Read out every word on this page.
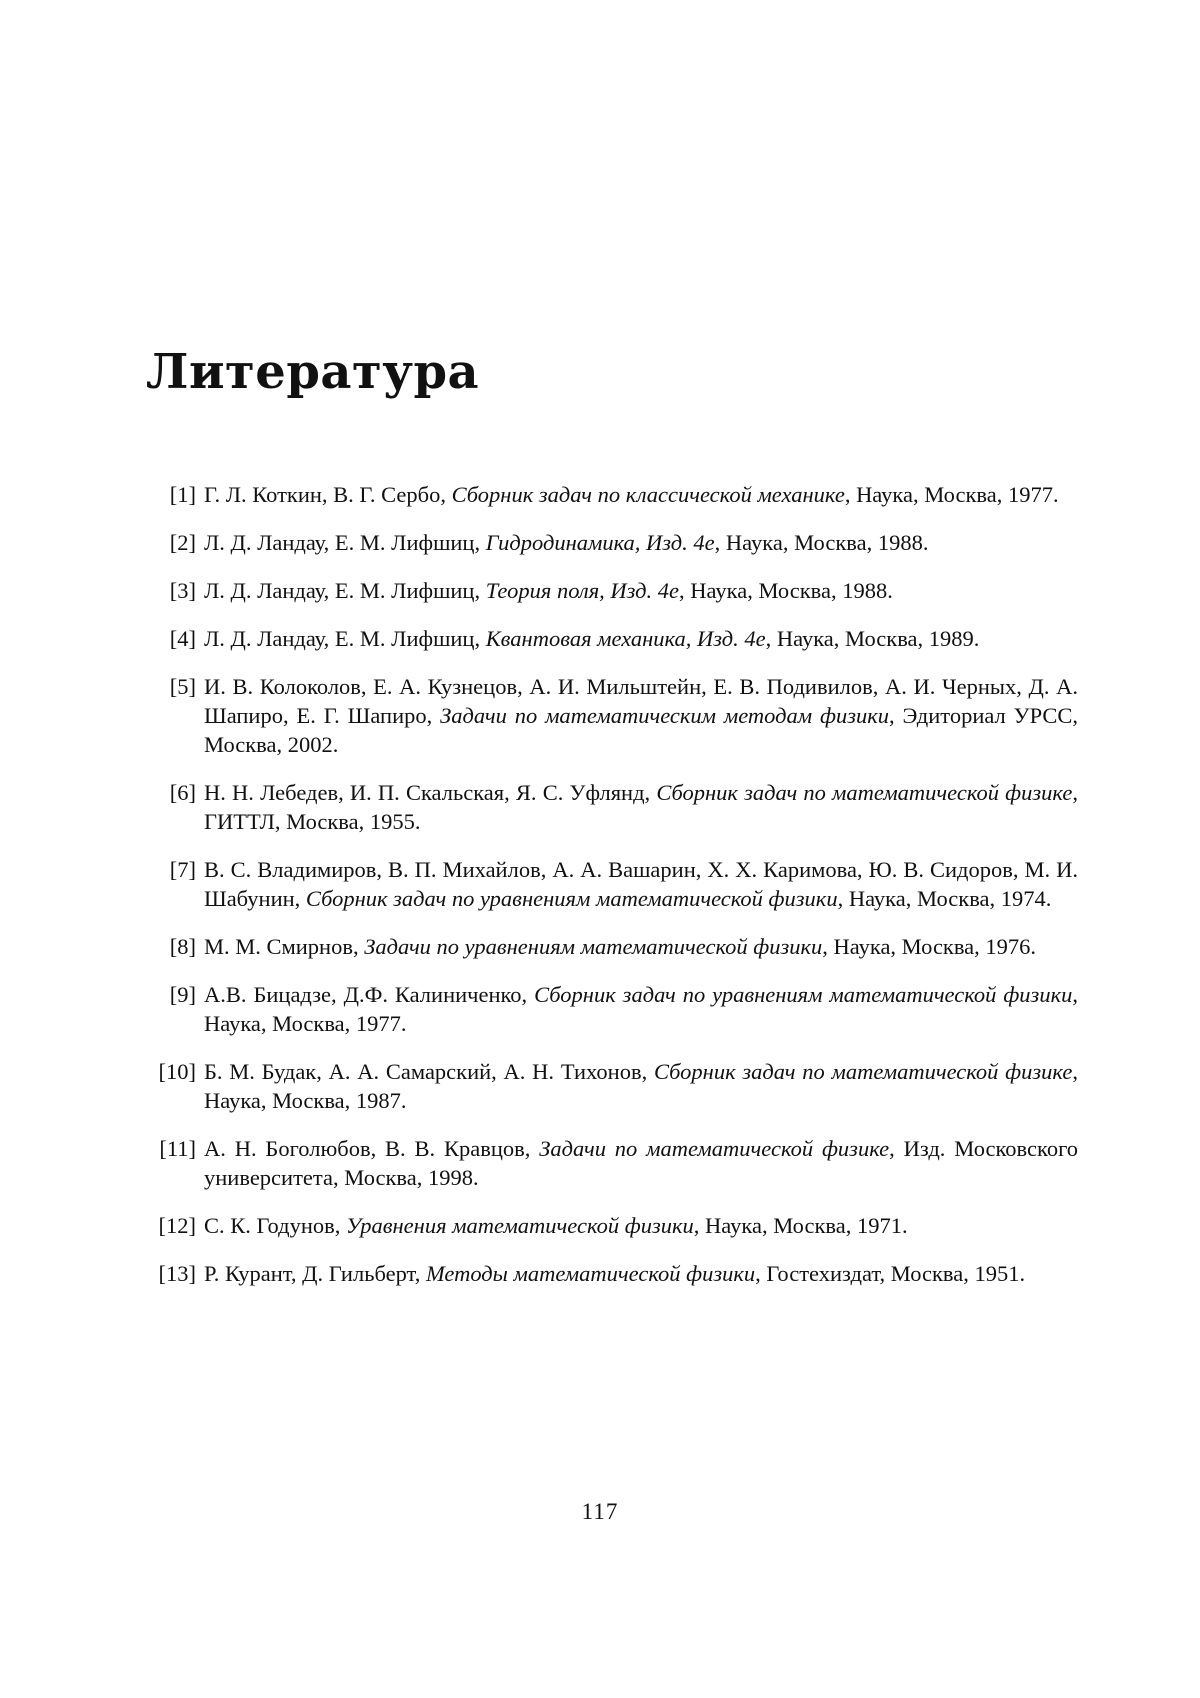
Литература
[1] Г. Л. Коткин, В. Г. Сербо, Сборник задач по классической механике, Наука, Москва, 1977.
[2] Л. Д. Ландау, Е. М. Лифшиц, Гидродинамика, Изд. 4е, Наука, Москва, 1988.
[3] Л. Д. Ландау, Е. М. Лифшиц, Теория поля, Изд. 4е, Наука, Москва, 1988.
[4] Л. Д. Ландау, Е. М. Лифшиц, Квантовая механика, Изд. 4е, Наука, Москва, 1989.
[5] И. В. Колоколов, Е. А. Кузнецов, А. И. Мильштейн, Е. В. Подивилов, А. И. Черных, Д. А. Шапиро, Е. Г. Шапиро, Задачи по математическим методам физики, Эдиториал УРСС, Москва, 2002.
[6] Н. Н. Лебедев, И. П. Скальская, Я. С. Уфлянд, Сборник задач по математической физике, ГИТТЛ, Москва, 1955.
[7] В. С. Владимиров, В. П. Михайлов, А. А. Вашарин, Х. Х. Каримова, Ю. В. Сидоров, М. И. Шабунин, Сборник задач по уравнениям математической физики, Наука, Москва, 1974.
[8] М. М. Смирнов, Задачи по уравнениям математической физики, Наука, Москва, 1976.
[9] А.В. Бицадзе, Д.Ф. Калиниченко, Сборник задач по уравнениям математической физики, Наука, Москва, 1977.
[10] Б. М. Будак, А. А. Самарский, А. Н. Тихонов, Сборник задач по математической физике, Наука, Москва, 1987.
[11] А. Н. Боголюбов, В. В. Кравцов, Задачи по математической физике, Изд. Московского университета, Москва, 1998.
[12] С. К. Годунов, Уравнения математической физики, Наука, Москва, 1971.
[13] Р. Курант, Д. Гильберт, Методы математической физики, Гостехиздат, Москва, 1951.
117
